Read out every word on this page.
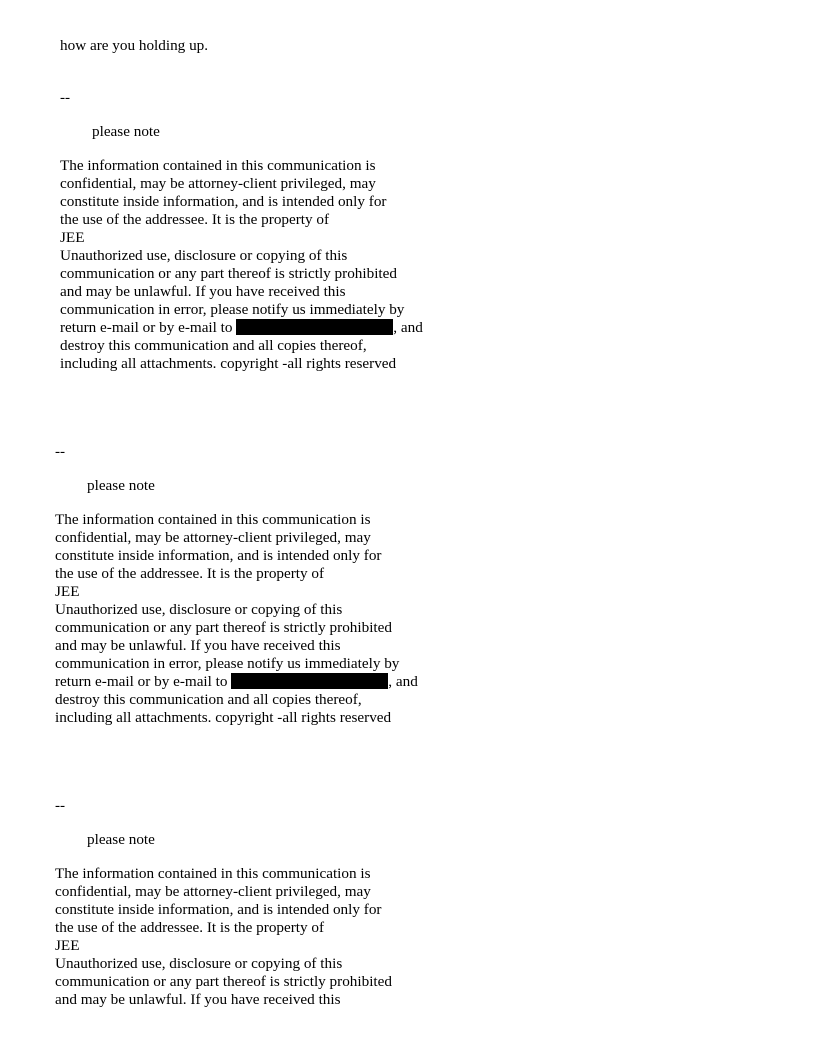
how are you holding up.
--
please note
The information contained in this communication is
confidential, may be attorney-client privileged, may
constitute inside information, and is intended only for
the use of the addressee. It is the property of
JEE
Unauthorized use, disclosure or copying of this
communication or any part thereof is strictly prohibited
and may be unlawful. If you have received this
communication in error, please notify us immediately by
return e-mail or by e-mail to	, and
destroy this communication and all copies thereof,
including all attachments. copyright -all rights reserved
--
please note
The information contained in this communication is
confidential, may be attorney-client privileged, may
constitute inside information, and is intended only for
the use of the addressee. It is the property of
JEE
Unauthorized use, disclosure or copying of this
communication or any part thereof is strictly prohibited
and may be unlawful. If you have received this
communication in error, please notify us immediately by
return e-mail or by e-mail to	, and
destroy this communication and all copies thereof,
including all attachments. copyright -all rights reserved
--
please note
The information contained in this communication is
confidential, may be attorney-client privileged, may
constitute inside information, and is intended only for
the use of the addressee. It is the property of
JEE
Unauthorized use, disclosure or copying of this
communication or any part thereof is strictly prohibited
and may be unlawful. If you have received this
